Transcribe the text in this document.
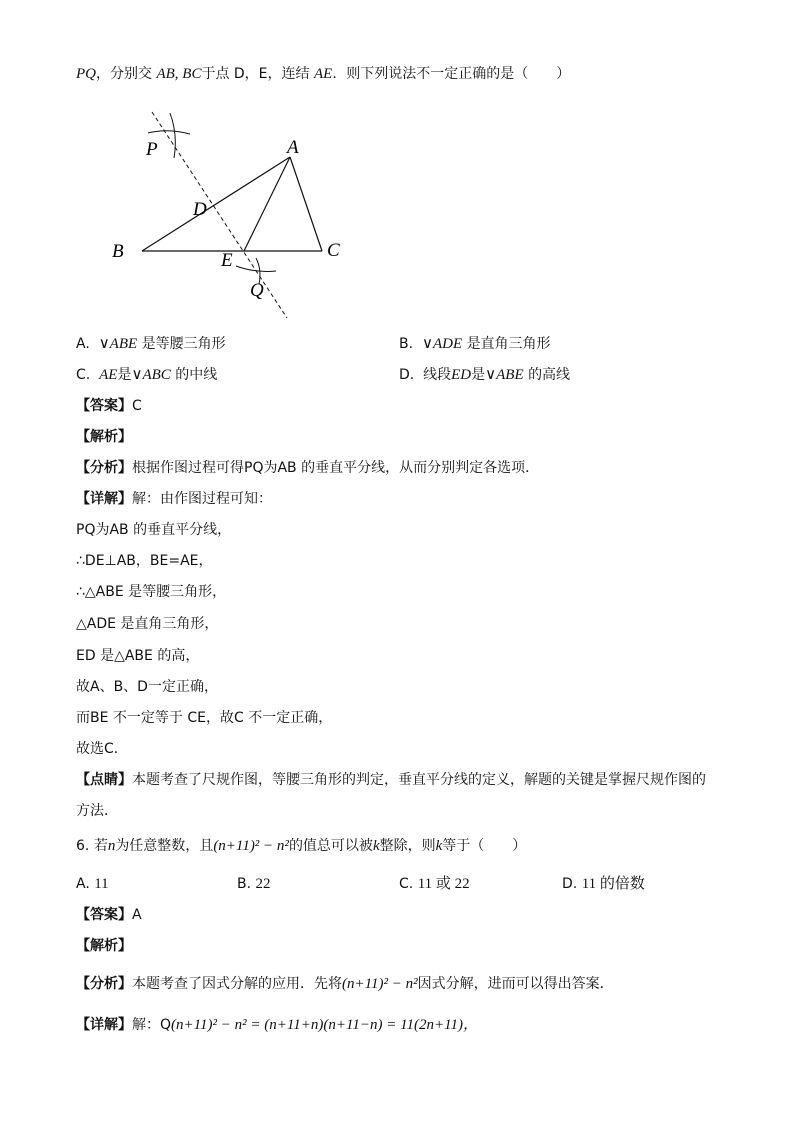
PQ，分别交 AB, BC于点 D，E，连结 AE．则下列说法不一定正确的是（　　）
P	A
D
B	E	C
Q
A. ∨ABE 是等腰三角形	B. ∨ADE 是直角三角形
C. AE是∨ABC 的中线	D. 线段ED是∨ABE 的高线
【答案】C
【解析】
【分析】根据作图过程可得PQ为AB 的垂直平分线，从而分别判定各选项．
【详解】解：由作图过程可知：
PQ为AB 的垂直平分线，
∴DE⊥AB，BE=AE，
∴△ABE 是等腰三角形，
△ADE 是直角三角形，
ED 是△ABE 的高，
故A、B、D一定正确，
而BE 不一定等于 CE，故C 不一定正确，
故选C．
【点睛】本题考查了尺规作图，等腰三角形的判定，垂直平分线的定义，解题的关键是掌握尺规作图的
方法．
6. 若n为任意整数，且(n+11)² − n²的值总可以被k整除，则k等于（　　）
A. 11	B. 22	C. 11 或 22	D. 11 的倍数
【答案】A
【解析】
【分析】本题考查了因式分解的应用．先将(n+11)² − n²因式分解，进而可以得出答案．
【详解】解：Q(n+11)² − n² = (n+11+n)(n+11−n) = 11(2n+11)，
